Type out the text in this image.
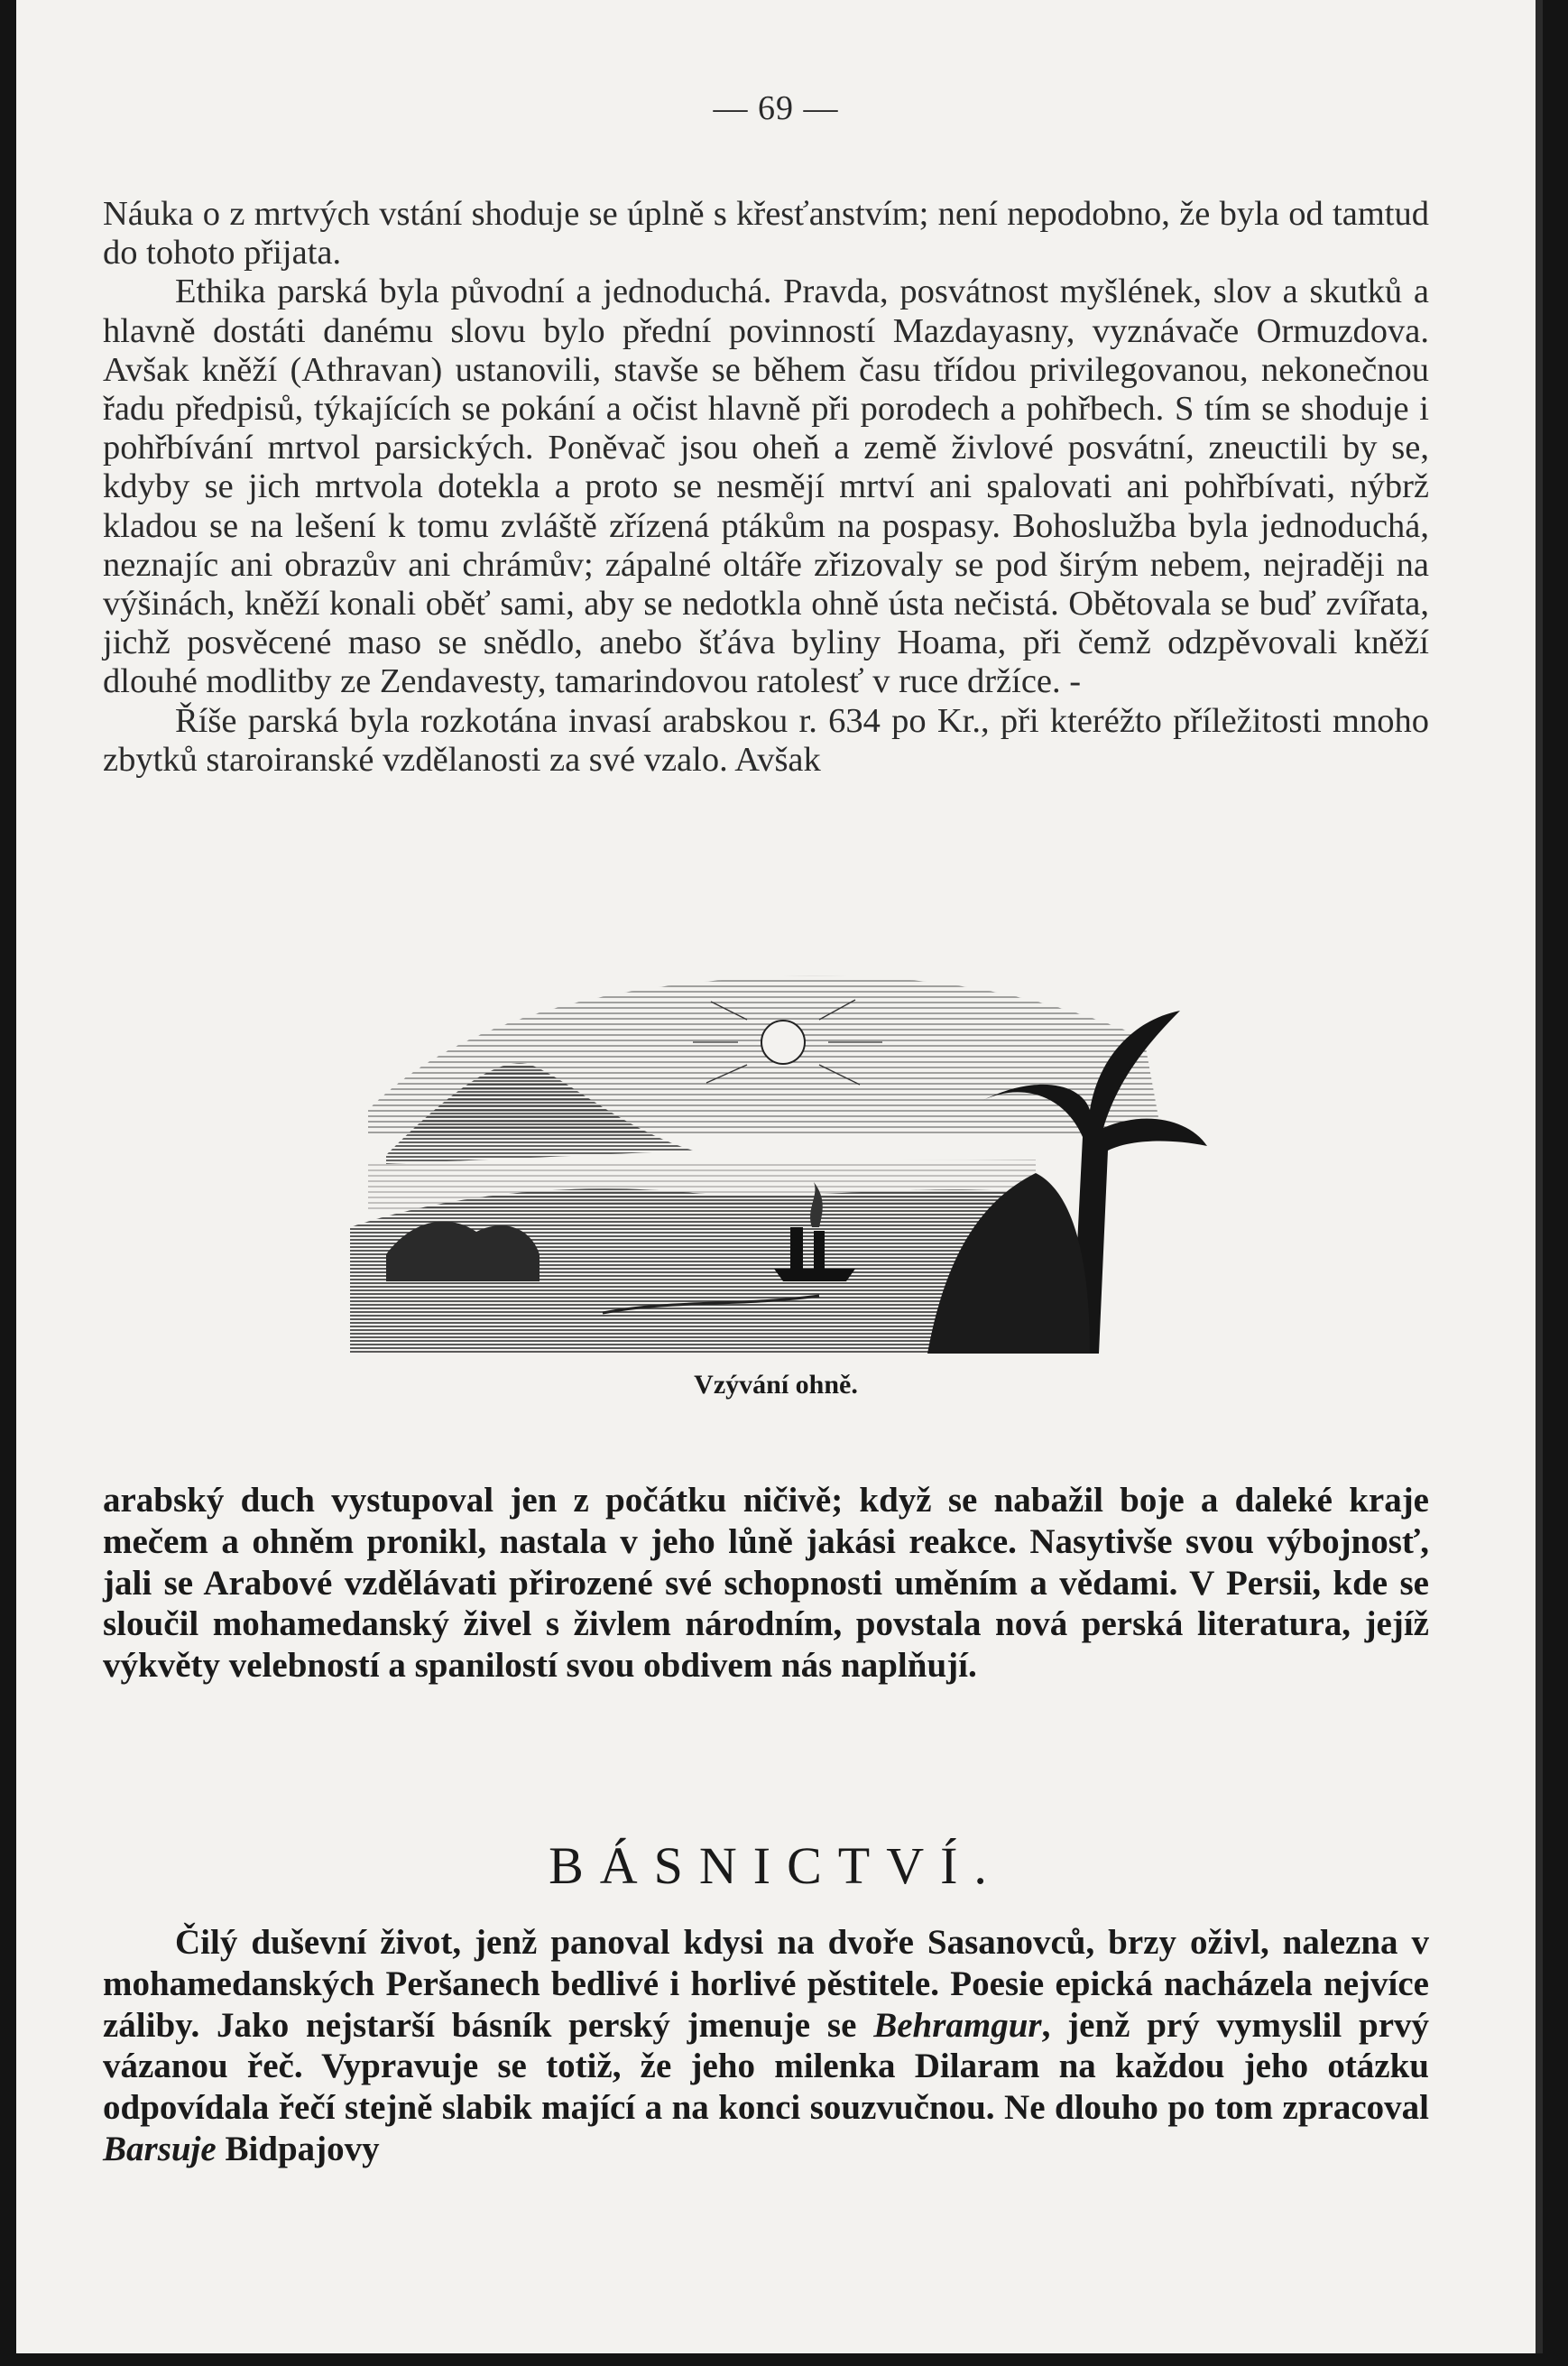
— 69 —

Náuka o z mrtvých vstání shoduje se úplně s křesťanstvím; není nepodobno, že byla od tamtud do tohoto přijata.

Ethika parská byla původní a jednoduchá. Pravda, posvátnost myšlének, slov a skutků a hlavně dostáti danému slovu bylo přední povinností Mazdayasny, vyznávače Ormuzdova. Avšak kněží (Athravan) ustanovili, stavše se během času třídou privilegovanou, nekonečnou řadu předpisů, týkajících se pokání a očist hlavně při porodech a pohřbech. S tím se shoduje i pohřbívání mrtvol parsických. Poněvač jsou oheň a země živlové posvátní, zneuctili by se, kdyby se jich mrtvola dotekla a proto se nesmějí mrtví ani spalovati ani pohřbívati, nýbrž kladou se na lešení k tomu zvláště zřízená ptákům na pospasy. Bohoslužba byla jednoduchá, neznajíc ani obrazův ani chrámův; zápalné oltáře zřizovaly se pod širým nebem, nejraději na výšinách, kněží konali oběť sami, aby se nedotkla ohně ústa nečistá. Obětovala se buď zvířata, jichž posvěcené maso se snědlo, anebo šťáva byliny Hoama, při čemž odzpěvovali kněží dlouhé modlitby ze Zendavesty, tamarindovou ratolesť v ruce držíce. -

Říše parská byla rozkotána invasí arabskou r. 634 po Kr., při kteréžto příležitosti mnoho zbytků staroiranské vzdělanosti za své vzalo. Avšak

Vzývání ohně.

arabský duch vystupoval jen z počátku ničivě; když se nabažil boje a daleké kraje mečem a ohněm pronikl, nastala v jeho lůně jakási reakce. Nasytivše svou výbojnosť, jali se Arabové vzdělávati přirozené své schopnosti uměním a vědami. V Persii, kde se sloučil mohamedanský živel s živlem národním, povstala nová perská literatura, jejíž výkvěty velebností a spanilostí svou obdivem nás naplňují.

BÁSNICTVÍ.

Čilý duševní život, jenž panoval kdysi na dvoře Sasanovců, brzy oživl, nalezna v mohamedanských Peršanech bedlivé i horlivé pěstitele. Poesie epická nacházela nejvíce záliby. Jako nejstarší básník perský jmenuje se Behramgur, jenž prý vymyslil prvý vázanou řeč. Vypravuje se totiž, že jeho milenka Dilaram na každou jeho otázku odpovídala řečí stejně slabik mající a na konci souzvučnou. Ne dlouho po tom zpracoval Barsuje Bidpajovy
